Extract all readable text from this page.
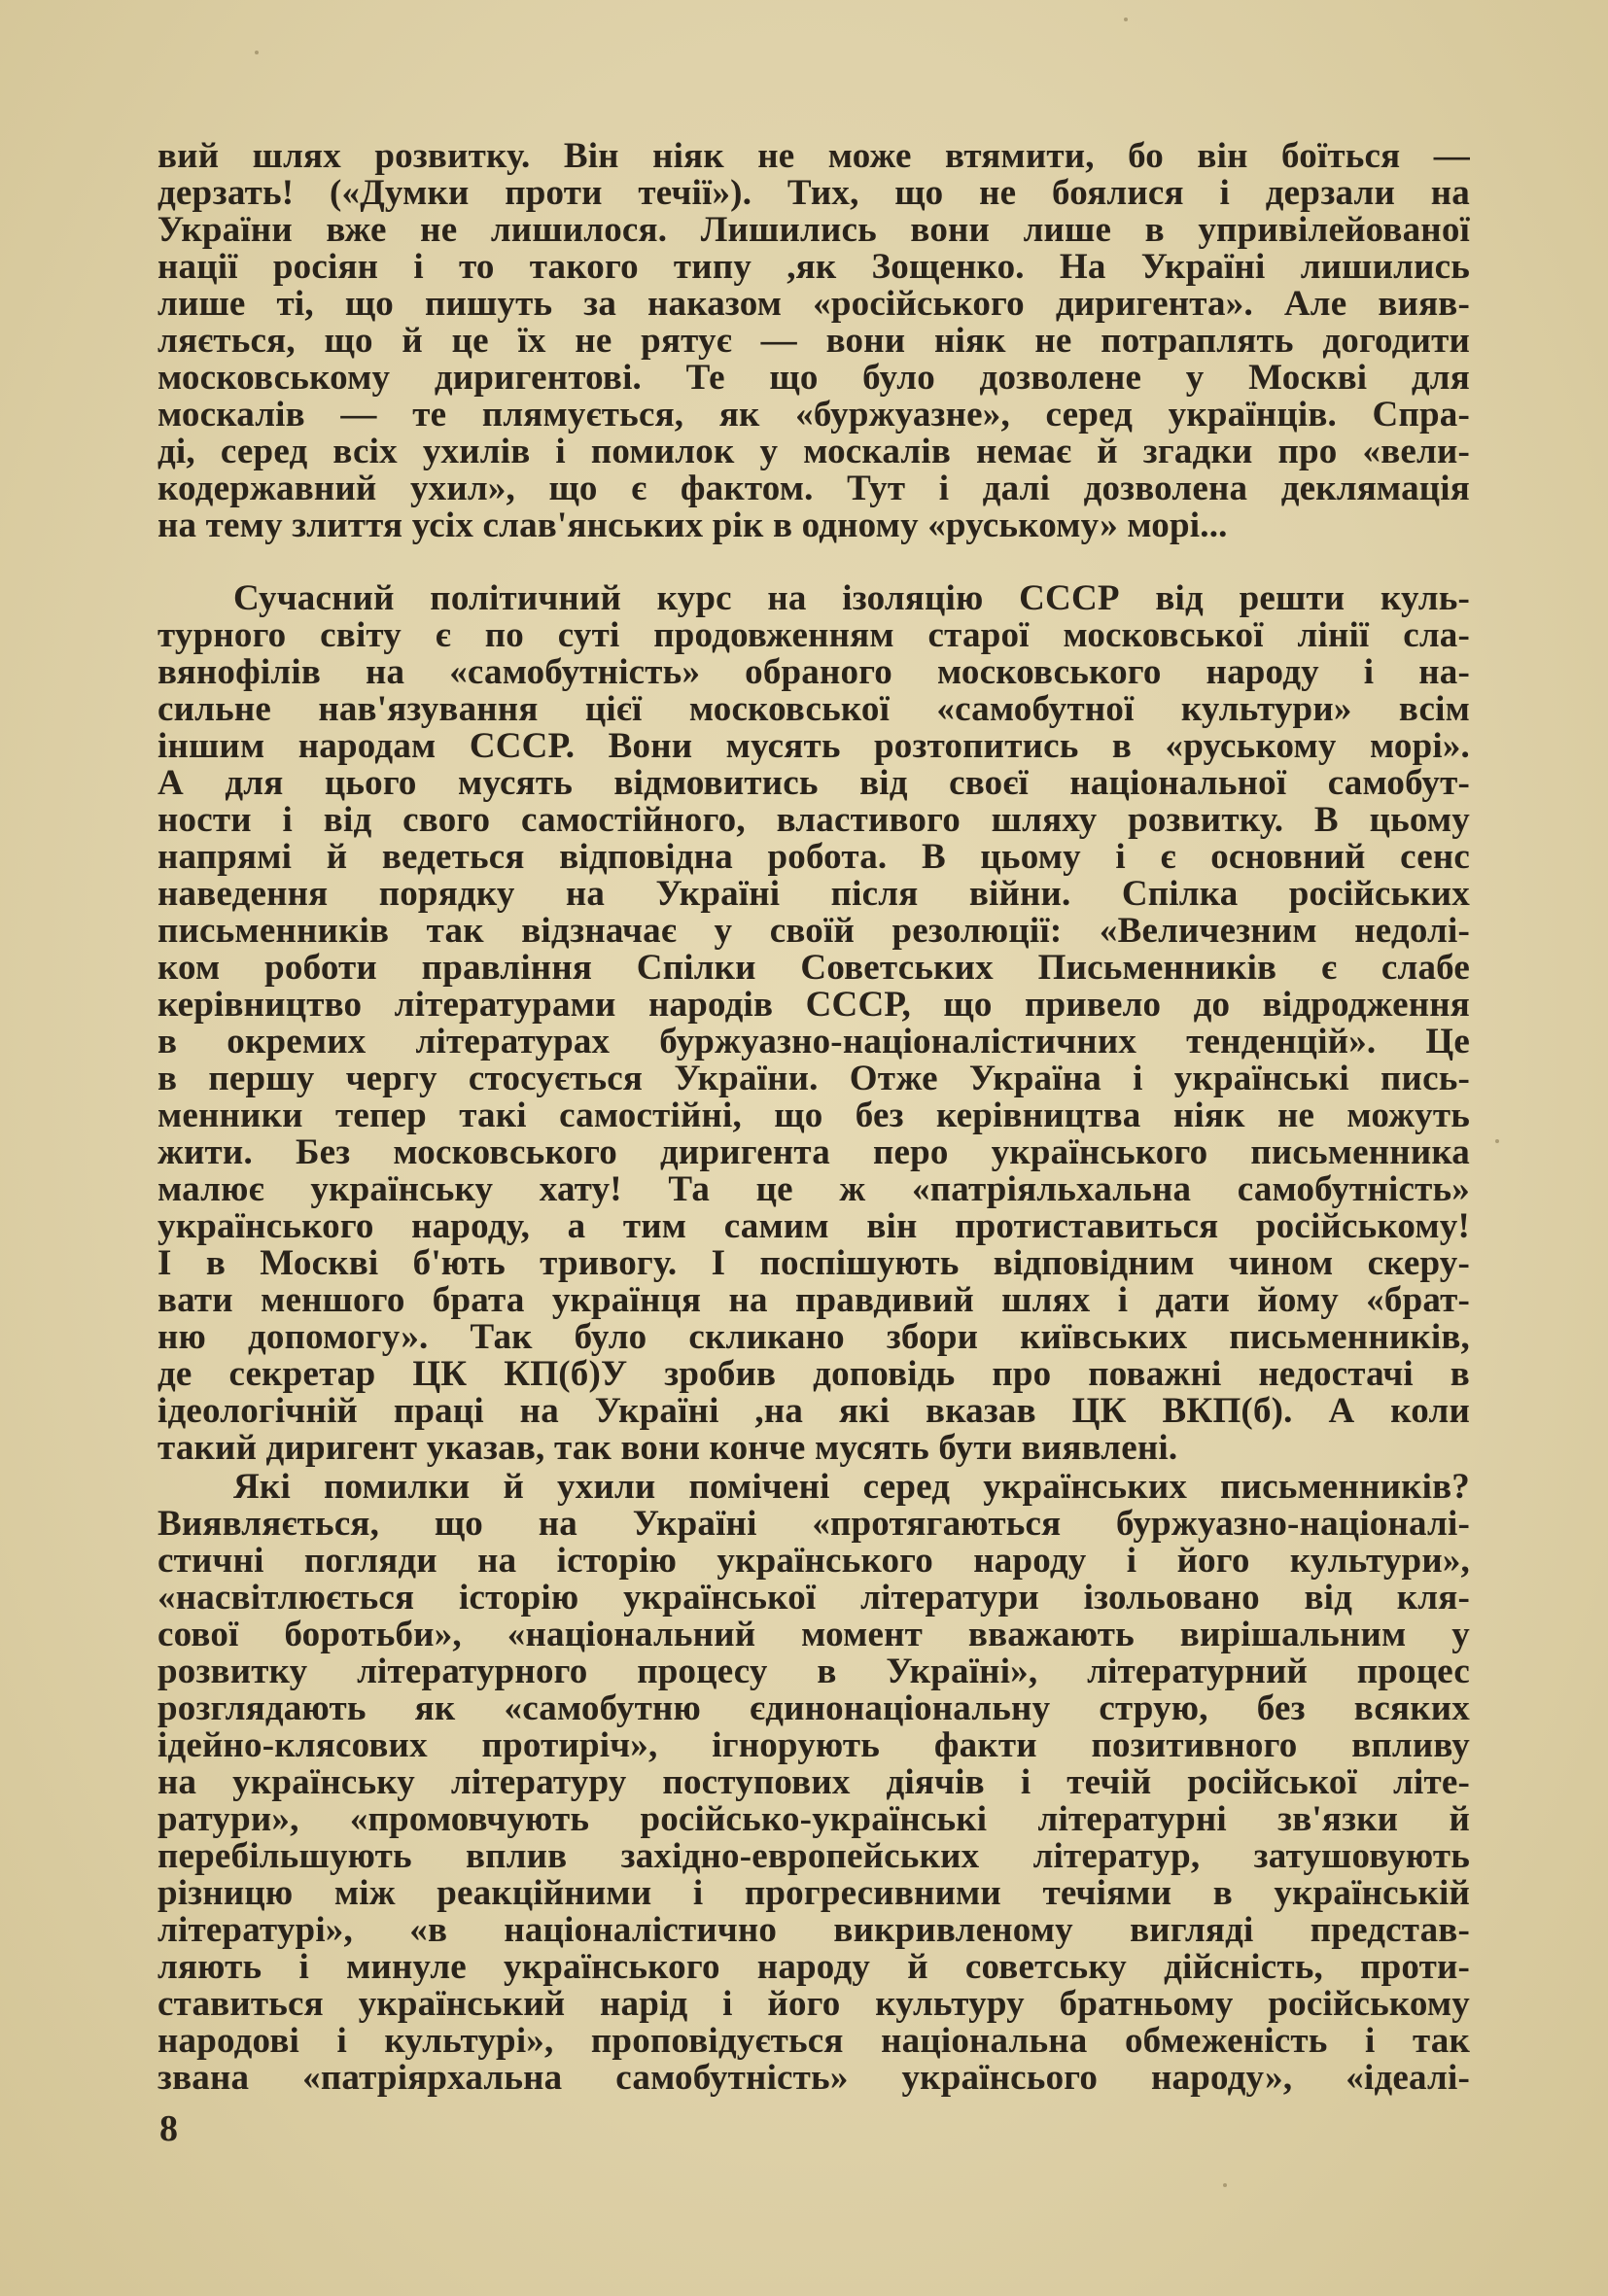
вий шлях розвитку. Він ніяк не може втямити, бо він боїться —
дерзать! («Думки проти течії»). Тих, що не боялися і дерзали на
України вже не лишилося. Лишились вони лише в упривілейованої
нації росіян і то такого типу ,як Зощенко. На Україні лишились
лише ті, що пишуть за наказом «російського диригента». Але вияв-
ляється, що й це їх не рятує — вони ніяк не потраплять догодити
московському диригентові. Те що було дозволене у Москві для
москалів — те плямується, як «буржуазне», серед українців. Спра-
ді, серед всіх ухилів і помилок у москалів немає й згадки про «вели-
кодержавний ухил», що є фактом. Тут і далі дозволена деклямація
на тему злиття усіх слав'янських рік в одному «руському» морі...

Сучасний політичний курс на ізоляцію СССР від решти куль-
турного світу є по суті продовженням старої московської лінії сла-
вянофілів на «самобутність» обраного московського народу і на-
сильне нав'язування цієї московської «самобутної культури» всім
іншим народам СССР. Вони мусять розтопитись в «руському морі».
А для цього мусять відмовитись від своєї національної самобут-
ности і від свого самостійного, властивого шляху розвитку. В цьому
напрямі й ведеться відповідна робота. В цьому і є основний сенс
наведення порядку на Україні після війни. Спілка російських
письменників так відзначає у своїй резолюції: «Величезним недолі-
ком роботи правління Спілки Советських Письменників є слабе
керівництво літературами народів СССР, що привело до відродження
в окремих літературах буржуазно-націоналістичних тенденцій». Це
в першу чергу стосується України. Отже Україна і українські пись-
менники тепер такі самостійні, що без керівництва ніяк не можуть
жити. Без московського диригента перо українського письменника
малює українську хату! Та це ж «патріяльхальна самобутність»
українського народу, а тим самим він протиставиться російському!
І в Москві б'ють тривогу. І поспішують відповідним чином скеру-
вати меншого брата українця на правдивий шлях і дати йому «брат-
ню допомогу». Так було скликано збори київських письменників,
де секретар ЦК КП(б)У зробив доповідь про поважні недостачі в
ідеологічній праці на Україні ,на які вказав ЦК ВКП(б). А коли
такий диригент указав, так вони конче мусять бути виявлені.

Які помилки й ухили помічені серед українських письменників?
Виявляється, що на Україні «протягаються буржуазно-націоналі-
стичні погляди на історію українського народу і його культури»,
«насвітлюється історію української літератури ізольовано від кля-
сової боротьби», «національний момент вважають вирішальним у
розвитку літературного процесу в Україні», літературний процес
розглядають як «самобутню єдинонаціональну струю, без всяких
ідейно-клясових протиріч», ігнорують факти позитивного впливу
на українську літературу поступових діячів і течій російської літе-
ратури», «промовчують російсько-українські літературні зв'язки й
перебільшують вплив західно-европейських літератур, затушовують
різницю між реакційними і прогресивними течіями в українській
літературі», «в націоналістично викривленому вигляді представ-
ляють і минуле українського народу й советську дійсність, проти-
ставиться український нарід і його культуру братньому російському
народові і культурі», проповідується національна обмеженість і так
звана «патріярхальна самобутність» українсього народу», «ідеалі-

8
